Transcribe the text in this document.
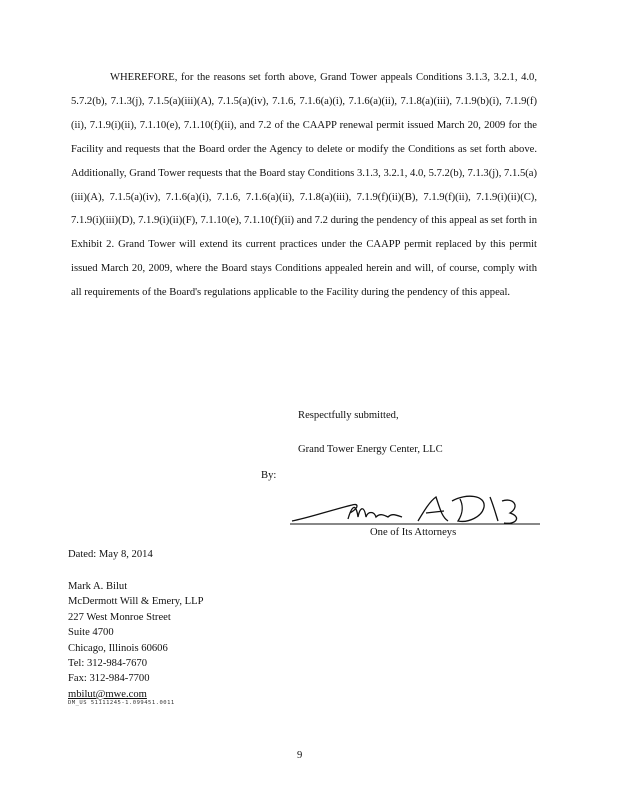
WHEREFORE, for the reasons set forth above, Grand Tower appeals Conditions 3.1.3, 3.2.1, 4.0, 5.7.2(b), 7.1.3(j), 7.1.5(a)(iii)(A), 7.1.5(a)(iv), 7.1.6, 7.1.6(a)(i), 7.1.6(a)(ii), 7.1.8(a)(iii), 7.1.9(b)(i), 7.1.9(f)(ii), 7.1.9(i)(ii), 7.1.10(e), 7.1.10(f)(ii), and 7.2 of the CAAPP renewal permit issued March 20, 2009 for the Facility and requests that the Board order the Agency to delete or modify the Conditions as set forth above. Additionally, Grand Tower requests that the Board stay Conditions 3.1.3, 3.2.1, 4.0, 5.7.2(b), 7.1.3(j), 7.1.5(a)(iii)(A), 7.1.5(a)(iv), 7.1.6(a)(i), 7.1.6, 7.1.6(a)(ii), 7.1.8(a)(iii), 7.1.9(f)(ii)(B), 7.1.9(f)(ii), 7.1.9(i)(ii)(C), 7.1.9(i)(iii)(D), 7.1.9(i)(ii)(F), 7.1.10(e), 7.1.10(f)(ii) and 7.2 during the pendency of this appeal as set forth in Exhibit 2. Grand Tower will extend its current practices under the CAAPP permit replaced by this permit issued March 20, 2009, where the Board stays Conditions appealed herein and will, of course, comply with all requirements of the Board's regulations applicable to the Facility during the pendency of this appeal.

Respectfully submitted,
Grand Tower Energy Center, LLC
By:
One of Its Attorneys
Dated: May 8, 2014
Mark A. Bilut
McDermott Will & Emery, LLP
227 West Monroe Street
Suite 4700
Chicago, Illinois 60606
Tel: 312-984-7670
Fax: 312-984-7700
mbilut@mwe.com
DM_US 51111245-1.099451.0011
9
